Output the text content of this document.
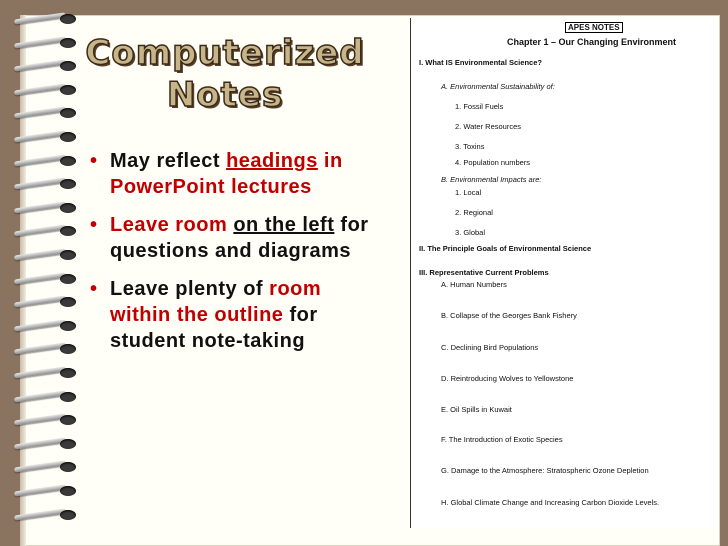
Computerized
Notes
• May reflect headings in PowerPoint lectures
• Leave room on the left for questions and diagrams
• Leave plenty of room within the outline for student note-taking
APES NOTES
Chapter 1 – Our Changing Environment
I. What IS Environmental Science?
A. Environmental Sustainability of:
1. Fossil Fuels
2. Water Resources
3. Toxins
4. Population numbers
B. Environmental Impacts are:
1. Local
2. Regional
3. Global
II. The Principle Goals of Environmental Science
III. Representative Current Problems
A. Human Numbers
B. Collapse of the Georges Bank Fishery
C. Declining Bird Populations
D. Reintroducing Wolves to Yellowstone
E. Oil Spills in Kuwait
F. The Introduction of Exotic Species
G. Damage to the Atmosphere: Stratospheric Ozone Depletion
H. Global Climate Change and Increasing Carbon Dioxide Levels.
